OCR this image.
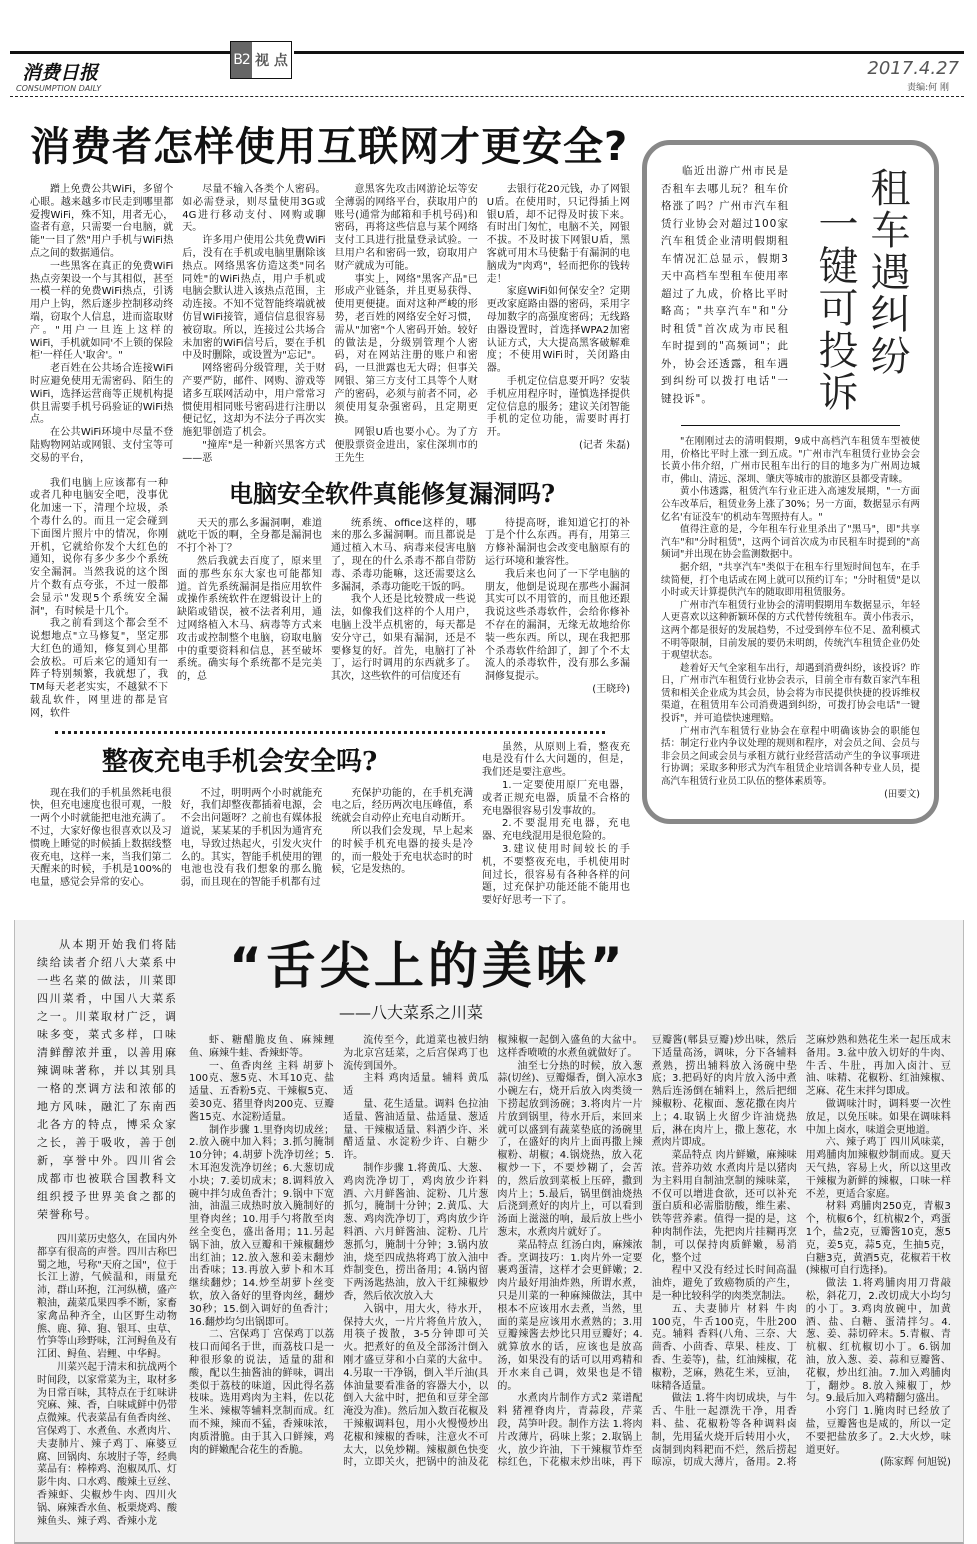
B2 视 点
消费日报
CONSUMPTION DAILY
2017.4.27
责编:何 刚
消费者怎样使用互联网才更安全?

蹭上免费公共WiFi，多留个心眼。越来越多市民走到哪里都爱搜WiFi，殊不知，用者无心，盗者有意，只需要一台电脑，就能"一目了然"用户手机与WiFi热点之间的数据通信。

一些黑客在真正的免费WiFi热点旁架设一个与其相似，甚至一模一样的免费WiFi热点，引诱用户上钩，然后逐步控制移动终端，窃取个人信息，进而盗取财产。"用户一旦连上这样的WiFi，手机就如同'不上锁的保险柜'一样任人'取舍'。"

老百姓在公共场合连接WiFi时应避免使用无需密码、陌生的WiFi，选择运营商等正规机构提供且需要手机号码验证的WiFi热点。

在公共WiFi环境中尽量不登陆购物网站或网银、支付宝等可交易的平台，

尽量不输入各类个人密码。如必需登录，则尽量使用3G或4G进行移动支付、网购或聊天。

许多用户使用公共免费WiFi后，没有在手机或电脑里删除该热点。网络黑客仿造这类"同名同姓"的WiFi热点，用户手机或电脑会默认进入该热点范围，主动连接。不知不觉智能终端就被仿冒WiFi接管，通信信息很容易被窃取。所以，连接过公共场合未加密的WiFi信号后，要在手机中及时删除，或设置为"忘记"。

网络密码分级管理，关于财产要严防，邮件、网购、游戏等诸多互联网活动中，用户常常习惯使用相同账号密码进行注册以便记忆，这却为不法分子再次实施犯罪创造了机会。

"撞库"是一种新兴黑客方式——恶

意黑客先攻击网游论坛等安全薄弱的网络平台，获取用户的账号(通常为邮箱和手机号码)和密码，再将这些信息与某个网络支付工具进行批量登录试验。一旦用户名和密码一致，窃取用户财产就成为可能。

事实上，网络"黑客产品"已形成产业链条，并且更易获得、使用更便捷。面对这种严峻的形势，老百姓的网络安全好习惯，需从"加密"个人密码开始。较好的做法是，分级别管理个人密码，对在网站注册的账户和密码，一旦泄露也无大碍；但事关网银、第三方支付工具等个人财产的密码，必须与前者不同，必须使用复杂强密码，且定期更换。

网银U盾也要小心。为了方便股票资金进出，家住深圳市的王先生

去银行花20元钱，办了网银U盾。在使用时，只记得插上网银U盾，却不记得及时拔下来。有时出门匆忙，电脑不关，网银不拔。不及时拔下网银U盾，黑客就可用木马使黏于有漏洞的电脑成为"肉鸡"，轻而把你的钱转走！

家庭WiFi如何保安全？定期更改家庭路由器的密码，采用字母加数字的高强度密码；无线路由器设置时，首选择WPA2加密认证方式，大大提高黑客破解难度；不使用WiFi时，关闭路由器。

手机定位信息要开吗？安装手机应用程序时，谨慎选择提供定位信息的服务；建议关闭智能手机的定位功能，需要时再打开。

(记者 朱磊)

我们电脑上应该都有一种或者几种电脑安全吧，没事优化加速一下，清理个垃圾，杀个毒什么的。而且一定会碰到下面图片照片中的情况，你刚开机，它就给你发个大红色的通知，说你有多少多少个系统安全漏洞。当然我说的这个图片个数有点夸张，不过一般都会显示"发现5个系统安全漏洞"，有时候是十几个。

我之前看到这个都会至不说想地点"立马修复"，坚定那大红色的通知，修复到心里都会放松。可后来它的通知有一阵子特别频繁，我就想了，我TM每天老老实实，不越狱不下载乱软件，网里进的都是官网，软件

电脑安全软件真能修复漏洞吗?

天天的那么多漏洞啊，难道就吃干饭的啊，全身都是漏洞也不打个补丁？

然后我就去百度了，原来里面的那些东东大家也可能都知道。首先系统漏洞是指应用软件或操作系统软件在逻辑设计上的缺陷或错误，被不法者利用，通过网络植入木马、病毒等方式来攻击或控制整个电脑，窃取电脑中的重要资料和信息，甚至破坏系统。确实每个系统都不是完美的，总

统系统、office这样的，哪来的那么多漏洞啊。而且都说是通过植入木马、病毒来侵害电脑了，现在的什么杀毒不都自带防毒、杀毒功能嘛，这还需要这么多漏洞，杀毒功能吃干饭的吗。

我个人还是比较赞成一些说法，如像我们这样的个人用户，电脑上没半点机密的，每天都是安分守己，如果有漏洞，还是不要修复的好。首先，电脑打了补丁，运行时调用的东西就多了。其次，这些软件的可信度还有

待提高呀，谁知道它打的补丁是个什么东西。再有，用第三方修补漏洞也会改变电脑原有的运行环境和兼容性。

我后来也问了一下学电脑的朋友，他倒是说现在那些小漏洞其实可以不用管的，而且他还跟我说这些杀毒软件，会给你修补不存在的漏洞，无缘无故地给你装一些东西。所以，现在我把那个杀毒软件给卸了，卸了个不太流人的杀毒软件，没有那么多漏洞修复提示。

(王晓玲)

整夜充电手机会安全吗?

现在我们的手机虽然耗电很快，但充电速度也很可观，一般一两个小时就能把电池充满了。不过，大家好像也很喜欢以及习惯晚上睡觉的时候插上数据线整夜充电，这样一来，当我们第二天醒来的时候，手机是100%的电量，感觉会异常的安心。

不过，明明两个小时就能充好，我们却整夜都插着电源，会不会出问题呀？之前也有媒体报道说，某某某的手机因为通宵充电，导致过热起火，引发火灾什么的。其实，智能手机使用的锂电池也没有我们想象的那么脆弱，而且现在的智能手机都有过

充保护功能的，在手机充满电之后，经历两次电压峰值，系统就会自动停止充电自动断开。

所以我们会发现，早上起来的时候手机充电器的接头是冷的，而一般处于充电状态时的时候，它是发热的。

虽然，从原则上看，整夜充电是没有什么大问题的，但是，我们还是要注意些。

1.一定要使用原厂充电器，或者正规充电器，质量不合格的充电器很容易引发事故的。

2.不要混用充电器，充电器、充电线混用是很危险的。

3.建议使用时间较长的手机，不要整夜充电，手机使用时间过长，很容易有各种各样的问题，过充保护功能还能不能用也要好好思考一下了。

临近出游广州市民是否租车去哪儿玩？租车价格涨了吗？广州市汽车租赁行业协会对超过100家汽车租赁企业清明假期租车情况汇总显示，假期3天中高档车型租车使用率超过了九成，价格比平时略高；"共享汽车"和"分时租赁"首次成为市民租车时提到的"高频词"；此外，协会还透露，租车遇到纠纷可以拨打电话"一键投诉"。	一键可投诉 租车遇纠纷

"在刚刚过去的清明假期，9成中高档汽车租赁车型被使用，价格比平时上涨一到五成。"广州市汽车租赁行业协会会长黄小伟介绍，广州市民租车出行的目的地多为广州周边城市，佛山、清远、深圳、肇庆等城市的旅游区县都受青睐。

黄小伟透露，租赁汽车行业正进入高速发展期，"一方面公车改革后，租赁业务上涨了30%；另一方面，数据显示有两亿名'有证没车'的机动车驾照持有人。"

值得注意的是，今年租车行业里杀出了"黑马"，即"共享汽车"和"分时租赁"，这两个词首次成为市民租车时提到的"高频词"并出现在协会监测数据中。

据介绍，"共享汽车"类似于在租车行里短时间包车，在手续简便，打个电话或在网上就可以预约订车；"分时租赁"是以小时或天计算提供汽车的随取即用租赁服务。

广州市汽车租赁行业协会的清明假期用车数据显示，年轻人更喜欢以这种新颖环保的方式代替传统租车。黄小伟表示，这两个都是很好的发展趋势，不过受到停车位不足、盈利模式不明等限制，目前发展的要仍未明朗，传统汽车租赁企业仍处于观望状态。

趁着好天气全家租车出行，却遇到消费纠纷，该投诉？昨日，广州市汽车租赁行业协会表示，目前全市有数百家汽车租赁和相关企业成为其会员，协会将为市民提供快捷的投诉维权渠道，在租赁用车公司消费遇到纠纷，可拨打协会电话"一键投诉"，并可追偿快速理赔。

广州市汽车租赁行业协会在章程中明确该协会的职能包括：制定行业内争议处理的规则和程序，对会员之间、会员与非会员之间或会员与承租方就行业经营活动产生的争议事项进行协调；采取多种形式为汽车租赁企业培训各种专业人员，提高汽车租赁行业员工队伍的整体素质等。

(田要文)

从本期开始我们将陆续给读者介绍八大菜系中一些名菜的做法，川菜即四川菜肴，中国八大菜系之一。川菜取材广泛，调味多变，菜式多样，口味清鲜醇浓并重，以善用麻辣调味著称，并以其别具一格的烹调方法和浓郁的地方风味，融汇了东南西北各方的特点，博采众家之长，善于吸收，善于创新，享誉中外。四川省会成都市也被联合国教科文组织授予世界美食之都的荣誉称号。

四川菜历史悠久，在国内外都享有很高的声誉。四川古称巴蜀之地，号称"天府之国"，位于长江上游，气候温和，雨量充沛，群山环抱，江河纵横，盛产粮油，蔬菜瓜果四季不断，家畜家禽品种齐全，山区野生动物熊、鹿、獐、狍、银耳、虫草、竹笋等山珍野味，江河鲟鱼及有江团、鲟鱼、岩鲤、中华鲟。

川菜兴起于清末和抗战两个时间段，以家常菜为主，取材多为日常百味，其特点在于红味讲究麻、辣、香，白味咸鲜中仍带点微辣。代表菜品有鱼香肉丝、宫保鸡丁、水煮鱼、水煮肉片、夫妻肺片、辣子鸡丁、麻婆豆腐、回锅肉、东坡肘子等，经典菜品有：棒棒鸡、泡椒凤爪、灯影牛肉、口水鸡、酸辣土豆丝、香辣虾、尖椒炒牛肉、四川火锅、麻辣香水鱼、板栗烧鸡、酸辣鱼头、辣子鸡、香辣小龙

“舌尖上的美味”
——八大菜系之川菜

虾、糖醋脆皮鱼、麻辣鲤鱼、麻辣牛蛙、香辣虾等。

一、鱼香肉丝 主料 胡萝卜100克、葱5克、木耳10克、盐适量、五香粉5克、干辣椒5克、姜30克、猪里脊肉200克、豆瓣酱15克、水淀粉适量。

制作步骤 1.里脊肉切成丝；2.放入碗中加入料；3.抓匀腌制10分钟；4.胡萝卜洗净切丝；5.木耳泡发洗净切丝；6.大葱切成小块；7.姜切成末；8.调料放入碗中拌匀成鱼香汁；9.锅中下宽油，油温三成热时放入腌制好的里脊肉丝；10.用手勺将散至肉丝全变色，盛出备用；11.另起锅下油，放入豆瓣和干辣椒翻炒出红油；12.放入葱和姜末翻炒出香味；13.再放入萝卜和木耳继续翻炒；14.炒至胡萝卜丝变软，放入备好的里脊肉丝，翻炒30秒；15.倒入调好的鱼香汁；16.翻炒均匀出锅即可。

二、宫保鸡丁 宫保鸡丁以荔枝口而闻名于世，而荔枝口是一种很形象的说法，适量的甜和酸，配以生抽酱油的鲜味，调出类似于荔枝的味道，因此得名荔枝味。选用鸡肉为主料，佐以花生米、辣椒等辅料烹制而成。红而不辣，辣而不猛，香辣味浓，肉质滑脆。由于其入口鲜辣，鸡肉的鲜嫩配合花生的香脆。

流传至今，此道菜也被归纳为北京宫廷菜，之后宫保鸡丁也流传到国外。

主料 鸡肉适量。辅料 黄瓜适

量、花生适量。调料 色拉油适量、酱油适量、盐适量、葱适量、干辣椒适量、料酒少许、米醋适量、水淀粉少许、白糖少许。

制作步骤 1.将黄瓜、大葱、鸡肉洗净切丁，鸡肉放少许料酒、六月鲜酱油、淀粉、几片葱抓匀，腌制十分钟；2.黄瓜、大葱、鸡肉洗净切丁，鸡肉放少许料酒、六月鲜酱油、淀粉、几片葱抓匀，腌制十分钟；3.锅内放油，烧至四成热将鸡丁放入油中炸制变色，捞出备用；4.锅内留下两汤匙热油，放入干红辣椒炒香，然后依次放入大

入锅中，用大火，待水开，保持大火，一片片将鱼片放入，用筷子拨散，3-5分钟即可关火。把煮好的鱼及全部汤汁倒入刚才盛豆芽和小白菜的大盆中。4.另取一干净锅，倒入半斤油(具体油量要看准备的容器大小，以倒入大盆中时，把鱼和豆芽全部淹没为准)。然后加入数百花椒及干辣椒调料包，用小火慢慢炒出花椒和辣椒的香味，注意火不可太大，以免炒糊。辣椒颜色快变时，立即关火，把锅中的油及花椒辣椒一起倒入盛鱼的大盆中。这样香喷喷的水煮鱼就做好了。

油至七分热的时候，放入葱蒜(切丝)、豆瓣爆香，倒入凉水3小碗左右，烧开后放入肉类烫一下捞起放到汤碗；3.将肉片一片片放到锅里，待水开后，来回来就可以盛到有蔬菜垫底的汤碗里了，在盛好的肉片上面再撒上辣椒粉、胡椒；4.锅烧热，放入花椒炒一下，不要炒糊了，会苦的，然后放到菜板上压碎，撒到肉片上；5.最后，锅里倒油烧热后浇到煮好的肉片上，可以看到汤面上滋滋的响，最后放上些小葱末，水煮肉片就好了。

菜品特点 红汤白肉，麻辣浓香。烹调技巧：1.肉片外一定要裹鸡蛋清，这样才会更鲜嫩；2.肉片最好用油炸熟，所谓水煮，只是川菜的一种麻辣做法，其中根本不应该用水去煮，当然，里面的菜是应该用水煮熟的；3.用豆瓣辣酱去炒比只用豆瓣好；4.就算放水的话，应该也是放高汤，如果没有的话可以用鸡精和开水来自己调，效果也是不错的。

水煮肉片制作方式2 菜谱配料 猪裡脊肉片，青蒜段，芹菜段，莴笋叶段。制作方法 1.将肉片改薄片，码味上浆；2.取锅上火，放少许油，下干辣椒节炸至棕红色，下花椒末炒出味，再下豆瓣酱(郫县豆瓣)炒出味，然后下适量高汤，调味，分下各辅料煮熟，捞出辅料放入汤碗中垫底；3.把码好的肉片放入汤中煮熟后连汤倒在辅料上，然后把细辣椒粉、花椒面、葱花撒在肉片上；4.取锅上火留少许油烧热后，淋在肉片上，撒上葱花，水煮肉片即成。

菜品特点 肉片鲜嫩，麻辣味浓。营养功效 水煮肉片是以猪肉为主料用自制油烹制的辣味菜，不仅可以增进食欲，还可以补充蛋白质和必需脂肪酸，维生素、铁等营养素。值得一提的是，这种肉制作法，先把肉片挂糊再烹制，可以保持肉质鲜嫩，易消化，整个过

程中又没有经过长时间高温油炸，避免了致癌物质的产生，是一种比较科学的肉类烹制法。

五、夫妻肺片 材料 牛肉100克，牛舌100克，牛肚200克。辅料 香料(八角、三奈、大茴香、小茴香、草果、桂皮、丁香、生姜等)，盐，红油辣椒，花椒粉，芝麻，熟花生米，豆油，味精各适量。

做法 1.将牛肉切成块，与牛舌、牛肚一起漂洗干净，用香料、盐、花椒粉等各种调料卤制，先用猛火烧开后转用小火，卤制到肉料耙而不烂，然后捞起晾凉，切成大薄片，备用。2.将芝麻炒熟和熟花生米一起压成末备用。3.盆中放入切好的牛肉、牛舌、牛肚，再加入卤汁、豆油、味精、花椒粉、红油辣椒、芝麻、花生末拌匀即成。

做调味汁时，调料要一次性放足，以免压味。如果在调味料中加上卤水，味道会更地道。

六、辣子鸡丁 四川风味菜，用鸡脯肉加辣椒炒制而成。夏天天气热，容易上火，所以这里改干辣椒为新鲜的辣椒，口味一样不差，更适合家庭。

材料 鸡脯肉250克，青椒3个，杭椒6个，红杭椒2个，鸡蛋1个，盐2克，豆瓣酱10克，葱5克，姜5克，蒜5克，生抽5克，白糖3克，黄酒5克，花椒若干枚(辣椒可自行选择)。

做法 1.将鸡脯肉用刀背敲松，斜花刀，2.改切成大小均匀的小丁。3.鸡肉放碗中，加黄酒、盐、白糖、蛋清拌匀。4.葱、姜、蒜切碎末。5.青椒、青杭椒、红杭椒切小丁。6.锅加油，放入葱、姜、蒜和豆瓣酱、花椒，炒出红油。7.加入鸡脯肉丁，翻炒。8.放入辣椒丁，炒匀。9.最后加入鸡精翻匀盛出。

小窍门 1.腌肉时已经放了盐，豆瓣酱也是咸的，所以一定不要把盐放多了。2.大火炒，味道更好。

(陈家辉 何旭锐)
